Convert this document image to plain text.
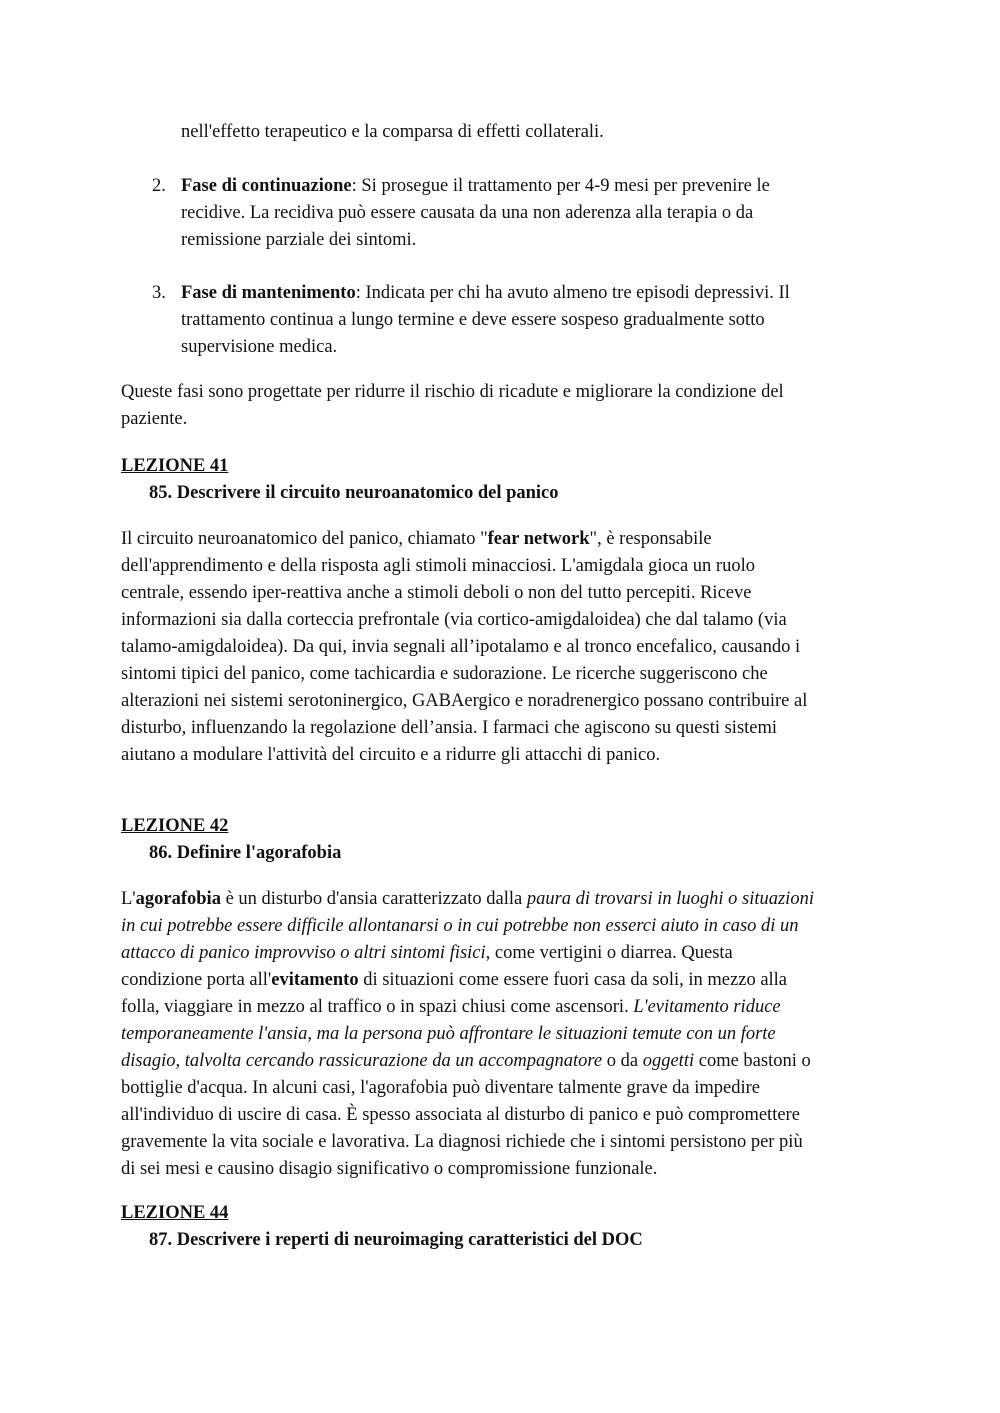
nell'effetto terapeutico e la comparsa di effetti collaterali.
2. Fase di continuazione: Si prosegue il trattamento per 4-9 mesi per prevenire le
recidive. La recidiva può essere causata da una non aderenza alla terapia o da
remissione parziale dei sintomi.
3. Fase di mantenimento: Indicata per chi ha avuto almeno tre episodi depressivi. Il
trattamento continua a lungo termine e deve essere sospeso gradualmente sotto
supervisione medica.
Queste fasi sono progettate per ridurre il rischio di ricadute e migliorare la condizione del
paziente.
LEZIONE 41
85. Descrivere il circuito neuroanatomico del panico
Il circuito neuroanatomico del panico, chiamato "fear network", è responsabile
dell'apprendimento e della risposta agli stimoli minacciosi. L'amigdala gioca un ruolo
centrale, essendo iper-reattiva anche a stimoli deboli o non del tutto percepiti. Riceve
informazioni sia dalla corteccia prefrontale (via cortico-amigdaloidea) che dal talamo (via
talamo-amigdaloidea). Da qui, invia segnali all’ipotalamo e al tronco encefalico, causando i
sintomi tipici del panico, come tachicardia e sudorazione. Le ricerche suggeriscono che
alterazioni nei sistemi serotoninergico, GABAergico e noradrenergico possano contribuire al
disturbo, influenzando la regolazione dell’ansia. I farmaci che agiscono su questi sistemi
aiutano a modulare l'attività del circuito e a ridurre gli attacchi di panico.
LEZIONE 42
86. Definire l'agorafobia
L'agorafobia è un disturbo d'ansia caratterizzato dalla paura di trovarsi in luoghi o situazioni
in cui potrebbe essere difficile allontanarsi o in cui potrebbe non esserci aiuto in caso di un
attacco di panico improvviso o altri sintomi fisici, come vertigini o diarrea. Questa
condizione porta all'evitamento di situazioni come essere fuori casa da soli, in mezzo alla
folla, viaggiare in mezzo al traffico o in spazi chiusi come ascensori. L'evitamento riduce
temporaneamente l'ansia, ma la persona può affrontare le situazioni temute con un forte
disagio, talvolta cercando rassicurazione da un accompagnatore o da oggetti come bastoni o
bottiglie d'acqua. In alcuni casi, l'agorafobia può diventare talmente grave da impedire
all'individuo di uscire di casa. È spesso associata al disturbo di panico e può compromettere
gravemente la vita sociale e lavorativa. La diagnosi richiede che i sintomi persistono per più
di sei mesi e causino disagio significativo o compromissione funzionale.
LEZIONE 44
87. Descrivere i reperti di neuroimaging caratteristici del DOC
